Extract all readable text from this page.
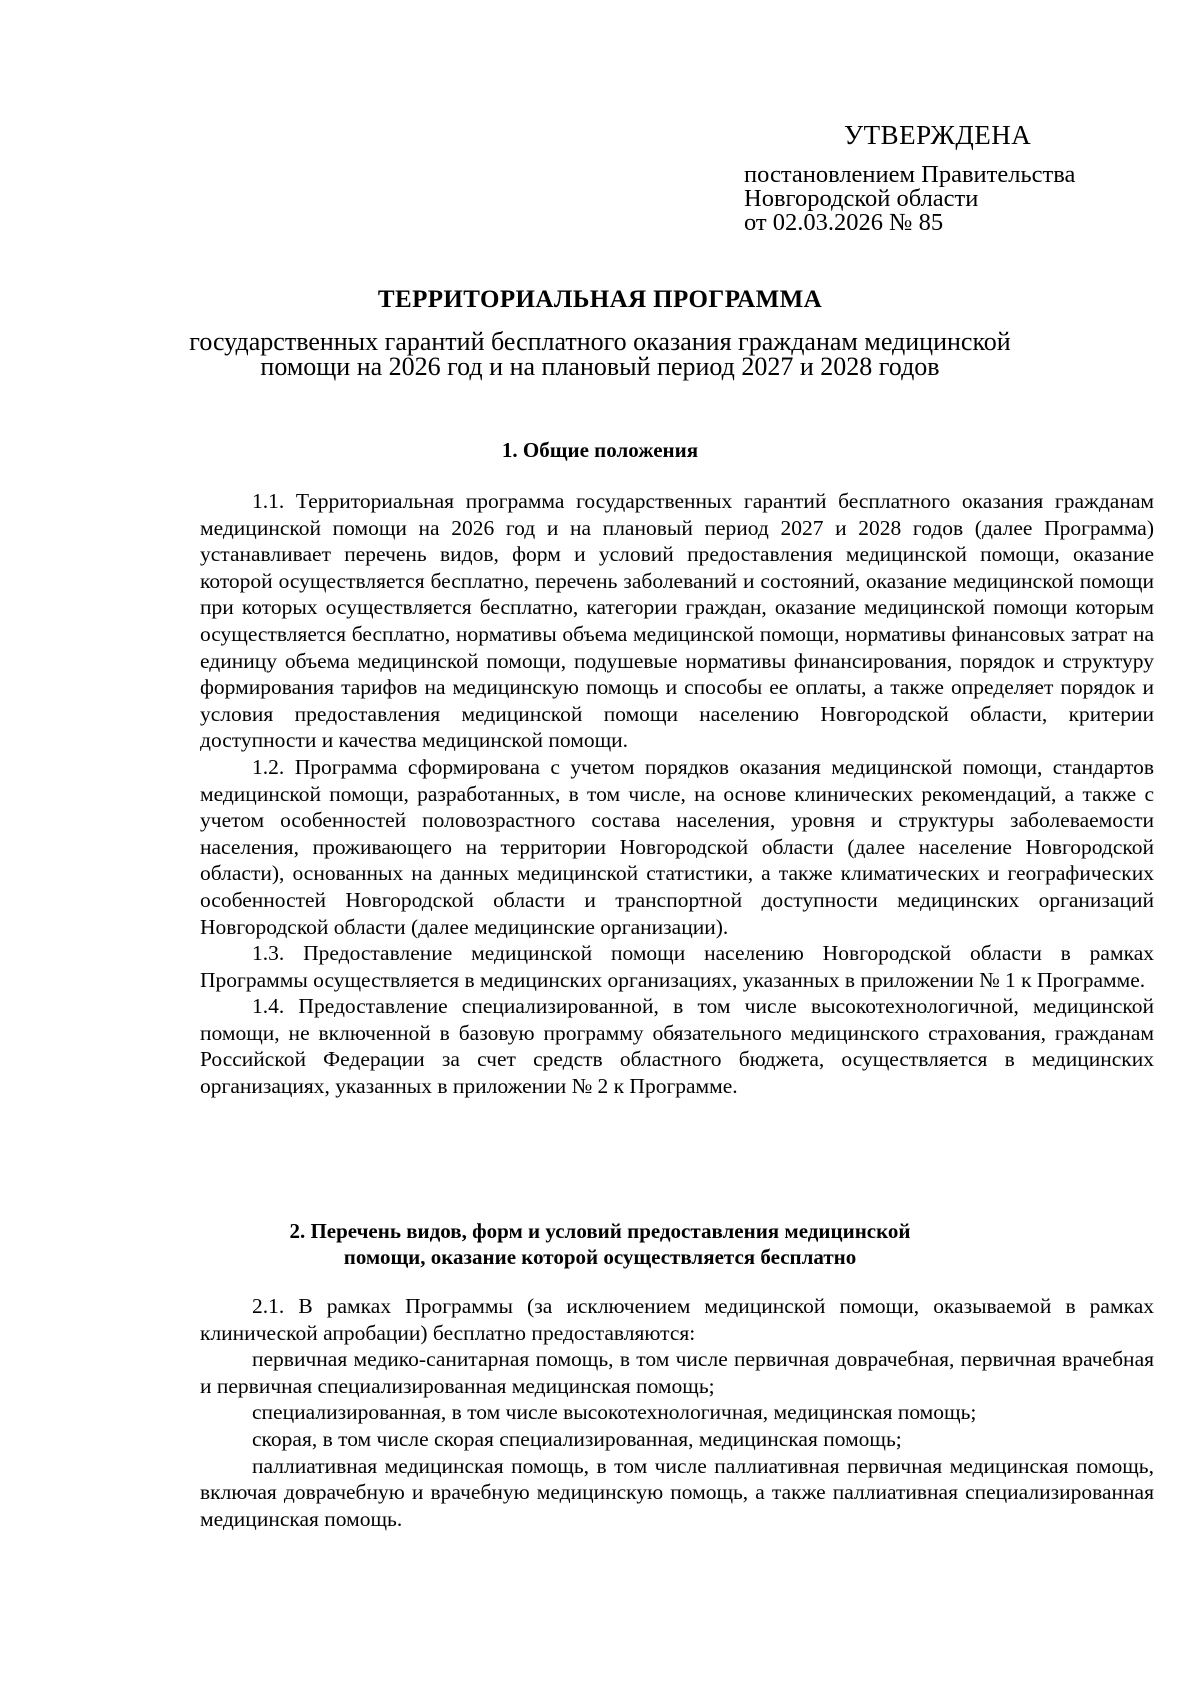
УТВЕРЖДЕНА
постановлением Правительства
Новгородской области
от 02.03.2026 № 85
ТЕРРИТОРИАЛЬНАЯ ПРОГРАММА
государственных гарантий бесплатного оказания гражданам медицинской помощи на 2026 год и на плановый период 2027 и 2028 годов
1. Общие положения

1.1. Территориальная программа государственных гарантий бесплатного оказания гражданам медицинской помощи на 2026 год и на плановый период 2027 и 2028 годов (далее Программа) устанавливает перечень видов, форм и условий предоставления медицинской помощи, оказание которой осуществляется бесплатно, перечень заболеваний и состояний, оказание медицинской помощи при которых осуществляется бесплатно, категории граждан, оказание медицинской помощи которым осуществляется бесплатно, нормативы объема медицинской помощи, нормативы финансовых затрат на единицу объема медицинской помощи, подушевые нормативы финансирования, порядок и структуру формирования тарифов на медицинскую помощь и способы ее оплаты, а также определяет порядок и условия предоставления медицинской помощи населению Новгородской области, критерии доступности и качества медицинской помощи.

1.2. Программа сформирована с учетом порядков оказания медицинской помощи, стандартов медицинской помощи, разработанных, в том числе, на основе клинических рекомендаций, а также с учетом особенностей половозрастного состава населения, уровня и структуры заболеваемости населения, проживающего на территории Новгородской области (далее население Новгородской области), основанных на данных медицинской статистики, а также климатических и географических особенностей Новгородской области и транспортной доступности медицинских организаций Новгородской области (далее медицинские организации).

1.3. Предоставление медицинской помощи населению Новгородской области в рамках Программы осуществляется в медицинских организациях, указанных в приложении № 1 к Программе.

1.4. Предоставление специализированной, в том числе высокотехнологичной, медицинской помощи, не включенной в базовую программу обязательного медицинского страхования, гражданам Российской Федерации за счет средств областного бюджета, осуществляется в медицинских организациях, указанных в приложении № 2 к Программе.

2. Перечень видов, форм и условий предоставления медицинской
помощи, оказание которой осуществляется бесплатно

2.1. В рамках Программы (за исключением медицинской помощи, оказываемой в рамках клинической апробации) бесплатно предоставляются:

первичная медико-санитарная помощь, в том числе первичная доврачебная, первичная врачебная и первичная специализированная медицинская помощь;

специализированная, в том числе высокотехнологичная, медицинская помощь;

скорая, в том числе скорая специализированная, медицинская помощь;

паллиативная медицинская помощь, в том числе паллиативная первичная медицинская помощь, включая доврачебную и врачебную медицинскую помощь, а также паллиативная специализированная медицинская помощь.
